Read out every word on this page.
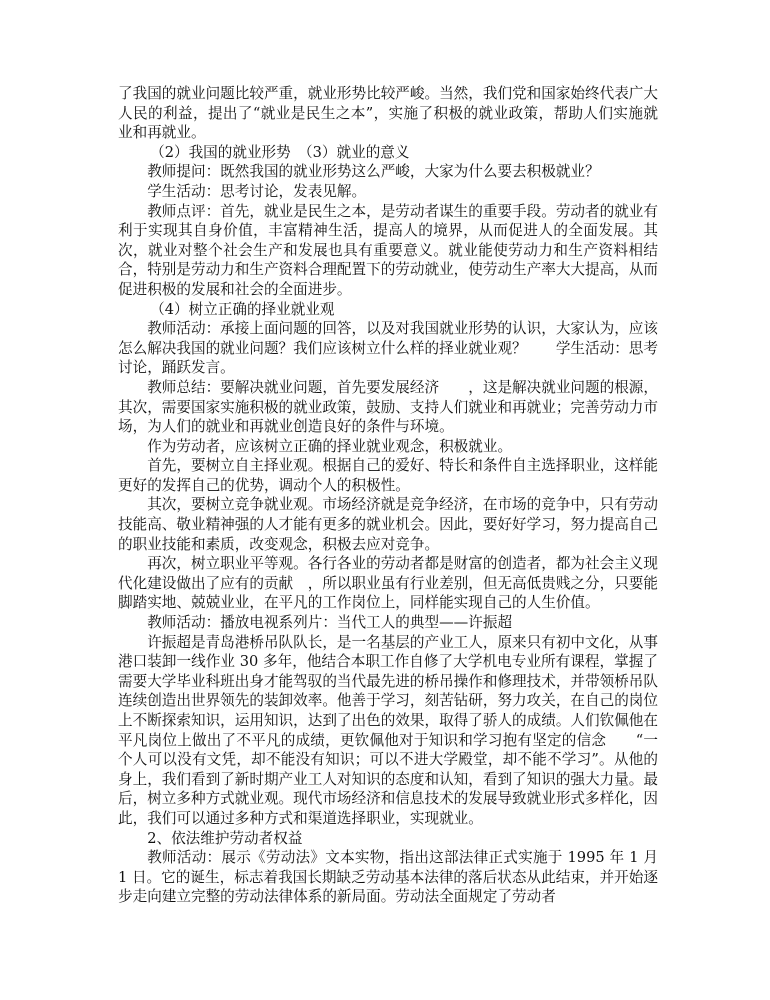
了我国的就业问题比较严重，就业形势比较严峻。当然，我们党和国家始终代表广大人民的利益，提出了“就业是民生之本”，实施了积极的就业政策，帮助人们实施就业和再就业。

（2）我国的就业形势　（3）就业的意义

教师提问：既然我国的就业形势这么严峻，大家为什么要去积极就业？

学生活动：思考讨论，发表见解。

教师点评：首先，就业是民生之本，是劳动者谋生的重要手段。劳动者的就业有利于实现其自身价值，丰富精神生活，提高人的境界，从而促进人的全面发展。其次，就业对整个社会生产和发展也具有重要意义。就业能使劳动力和生产资料相结合，特别是劳动力和生产资料合理配置下的劳动就业，使劳动生产率大大提高，从而促进积极的发展和社会的全面进步。

（4）树立正确的择业就业观

教师活动：承接上面问题的回答，以及对我国就业形势的认识，大家认为，应该怎么解决我国的就业问题？我们应该树立什么样的择业就业观？　　学生活动：思考讨论，踊跃发言。

教师总结：要解决就业问题，首先要发展经济　　，这是解决就业问题的根源，其次，需要国家实施积极的就业政策，鼓励、支持人们就业和再就业；完善劳动力市场，为人们的就业和再就业创造良好的条件与环境。

作为劳动者，应该树立正确的择业就业观念，积极就业。

首先，要树立自主择业观。根据自己的爱好、特长和条件自主选择职业，这样能更好的发挥自己的优势，调动个人的积极性。

其次，要树立竞争就业观。市场经济就是竞争经济，在市场的竞争中，只有劳动技能高、敬业精神强的人才能有更多的就业机会。因此，要好好学习，努力提高自己的职业技能和素质，改变观念，积极去应对竞争。

再次，树立职业平等观。各行各业的劳动者都是财富的创造者，都为社会主义现代化建设做出了应有的贡献　，所以职业虽有行业差别，但无高低贵贱之分，只要能脚踏实地、兢兢业业，在平凡的工作岗位上，同样能实现自己的人生价值。

教师活动：播放电视系列片：当代工人的典型——许振超

许振超是青岛港桥吊队队长，是一名基层的产业工人，原来只有初中文化，从事港口装卸一线作业 30 多年，他结合本职工作自修了大学机电专业所有课程，掌握了需要大学毕业科班出身才能驾驭的当代最先进的桥吊操作和修理技术，并带领桥吊队连续创造出世界领先的装卸效率。他善于学习，刻苦钻研，努力攻关，在自己的岗位上不断探索知识，运用知识，达到了出色的效果，取得了骄人的成绩。人们钦佩他在平凡岗位上做出了不平凡的成绩，更钦佩他对于知识和学习抱有坚定的信念　　“一个人可以没有文凭，却不能没有知识；可以不进大学殿堂，却不能不学习”。从他的身上，我们看到了新时期产业工人对知识的态度和认知，看到了知识的强大力量。最后，树立多种方式就业观。现代市场经济和信息技术的发展导致就业形式多样化，因此，我们可以通过多种方式和渠道选择职业，实现就业。

2、依法维护劳动者权益

教师活动：展示《劳动法》文本实物，指出这部法律正式实施于 1995 年 1 月 1 日。它的诞生，标志着我国长期缺乏劳动基本法律的落后状态从此结束，并开始逐步走向建立完整的劳动法律体系的新局面。劳动法全面规定了劳动者
